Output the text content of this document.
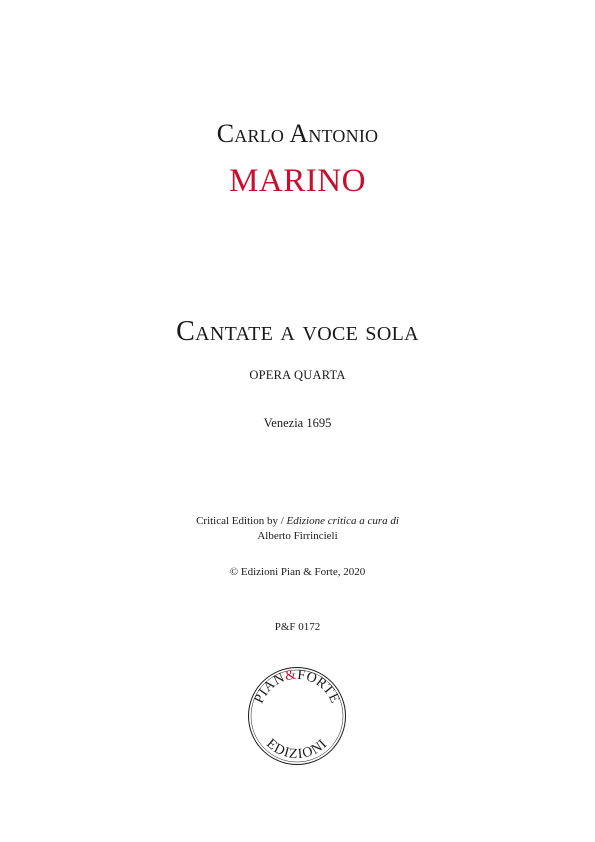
Carlo Antonio
MARINO
Cantate a voce sola
OPERA QUARTA
Venezia 1695
Critical Edition by / Edizione critica a cura di
Alberto Firrincieli
© Edizioni Pian & Forte, 2020
P&F 0172
PIAN&FORTE
EDIZIONI
